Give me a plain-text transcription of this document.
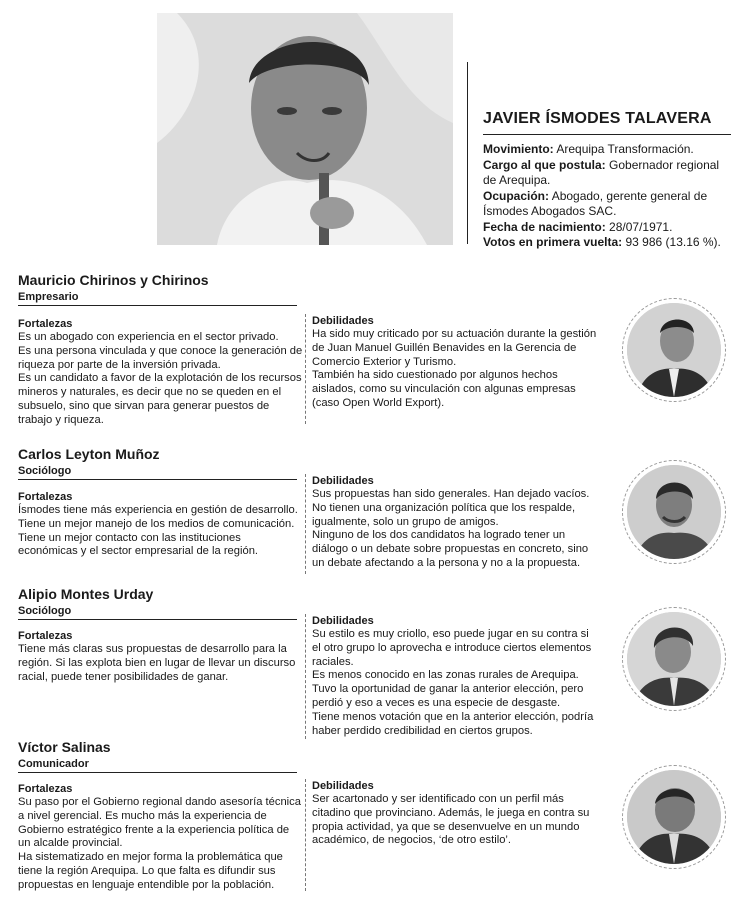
JAVIER ÍSMODES TALAVERA

Movimiento: Arequipa Transformación.

Cargo al que postula: Gobernador regional de Arequipa.

Ocupación: Abogado, gerente general de Ísmodes Abogados SAC.

Fecha de nacimiento: 28/07/1971.

Votos en primera vuelta: 93 986 (13.16 %).

Mauricio Chirinos y Chirinos
Empresario

Fortalezas

Es un abogado con experiencia en el sector privado.
Es una persona vinculada y que conoce la generación de riqueza por parte de la inversión privada.
Es un candidato a favor de la explotación de los recursos mineros y naturales, es decir que no se queden en el subsuelo, sino que sirvan para generar puestos de trabajo y riqueza.

Debilidades

Ha sido muy criticado por su actuación durante la gestión de Juan Manuel Guillén Benavides en la Gerencia de Comercio Exterior y Turismo.
También ha sido cuestionado por algunos hechos aislados, como su vinculación con algunas empresas (caso Open World Export).

Carlos Leyton Muñoz
Sociólogo

Fortalezas

Ísmodes tiene más experiencia en gestión de desarrollo.
Tiene un mejor manejo de los medios de comunicación.
Tiene un mejor contacto con las instituciones económicas y el sector empresarial de la región.

Debilidades

Sus propuestas han sido generales. Han dejado vacíos.
No tienen una organización política que los respalde, igualmente, solo un grupo de amigos.
Ninguno de los dos candidatos ha logrado tener un diálogo o un debate sobre propuestas en concreto, sino un debate afectando a la persona y no a la propuesta.

Alipio Montes Urday
Sociólogo

Fortalezas

Tiene más claras sus propuestas de desarrollo para la región. Si las explota bien en lugar de llevar un discurso racial, puede tener posibilidades de ganar.

Debilidades

Su estilo es muy criollo, eso puede jugar en su contra si el otro grupo lo aprovecha e introduce ciertos elementos raciales.
Es menos conocido en las zonas rurales de Arequipa.
Tuvo la oportunidad de ganar la anterior elección, pero perdió y eso a veces es una especie de desgaste.
Tiene menos votación que en la anterior elección, podría haber perdido credibilidad en ciertos grupos.

Víctor Salinas
Comunicador

Fortalezas

Su paso por el Gobierno regional dando asesoría técnica a nivel gerencial. Es mucho más la experiencia de Gobierno estratégico frente a la experiencia política de un alcalde provincial.
Ha sistematizado en mejor forma la problemática que tiene la región Arequipa. Lo que falta es difundir sus propuestas en lenguaje entendible por la población.

Debilidades

Ser acartonado y ser identificado con un perfil más citadino que provinciano. Además, le juega en contra su propia actividad, ya que se desenvuelve en un mundo académico, de negocios, ‘de otro estilo’.
